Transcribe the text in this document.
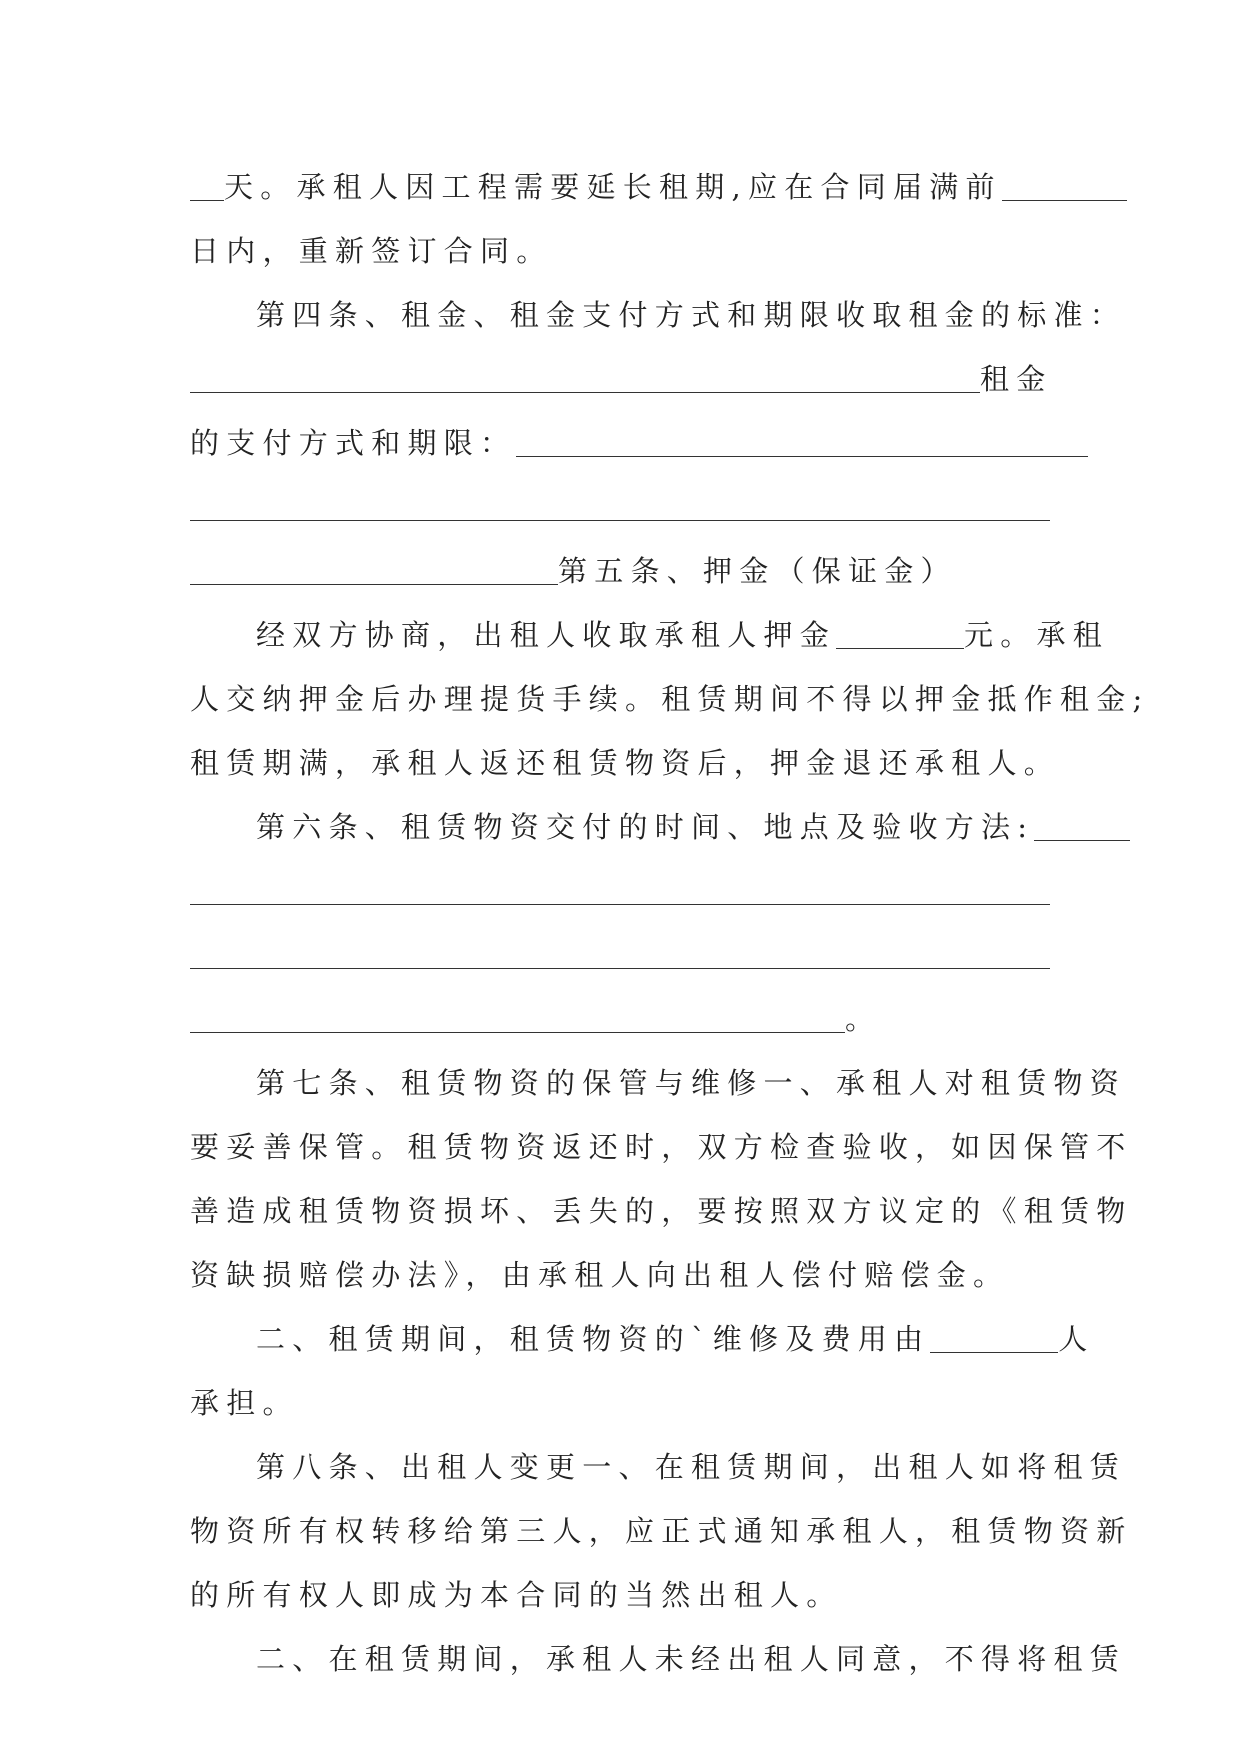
天。承租人因工程需要延长租期,应在合同届满前
日内，重新签订合同。
第四条、租金、租金支付方式和期限收取租金的标准：
租金
的支付方式和期限：
第五条、押金（保证金）
经双方协商，出租人收取承租人押金	元。承租
人交纳押金后办理提货手续。租赁期间不得以押金抵作租金;
租赁期满，承租人返还租赁物资后，押金退还承租人。
第六条、租赁物资交付的时间、地点及验收方法:
。
第七条、租赁物资的保管与维修一、承租人对租赁物资
要妥善保管。租赁物资返还时，双方检查验收，如因保管不
善造成租赁物资损坏、丢失的，要按照双方议定的《租赁物
资缺损赔偿办法》，由承租人向出租人偿付赔偿金。
二、租赁期间，租赁物资的`维修及费用由	人
承担。
第八条、出租人变更一、在租赁期间，出租人如将租赁
物资所有权转移给第三人，应正式通知承租人，租赁物资新
的所有权人即成为本合同的当然出租人。
二、在租赁期间，承租人未经出租人同意，不得将租赁
